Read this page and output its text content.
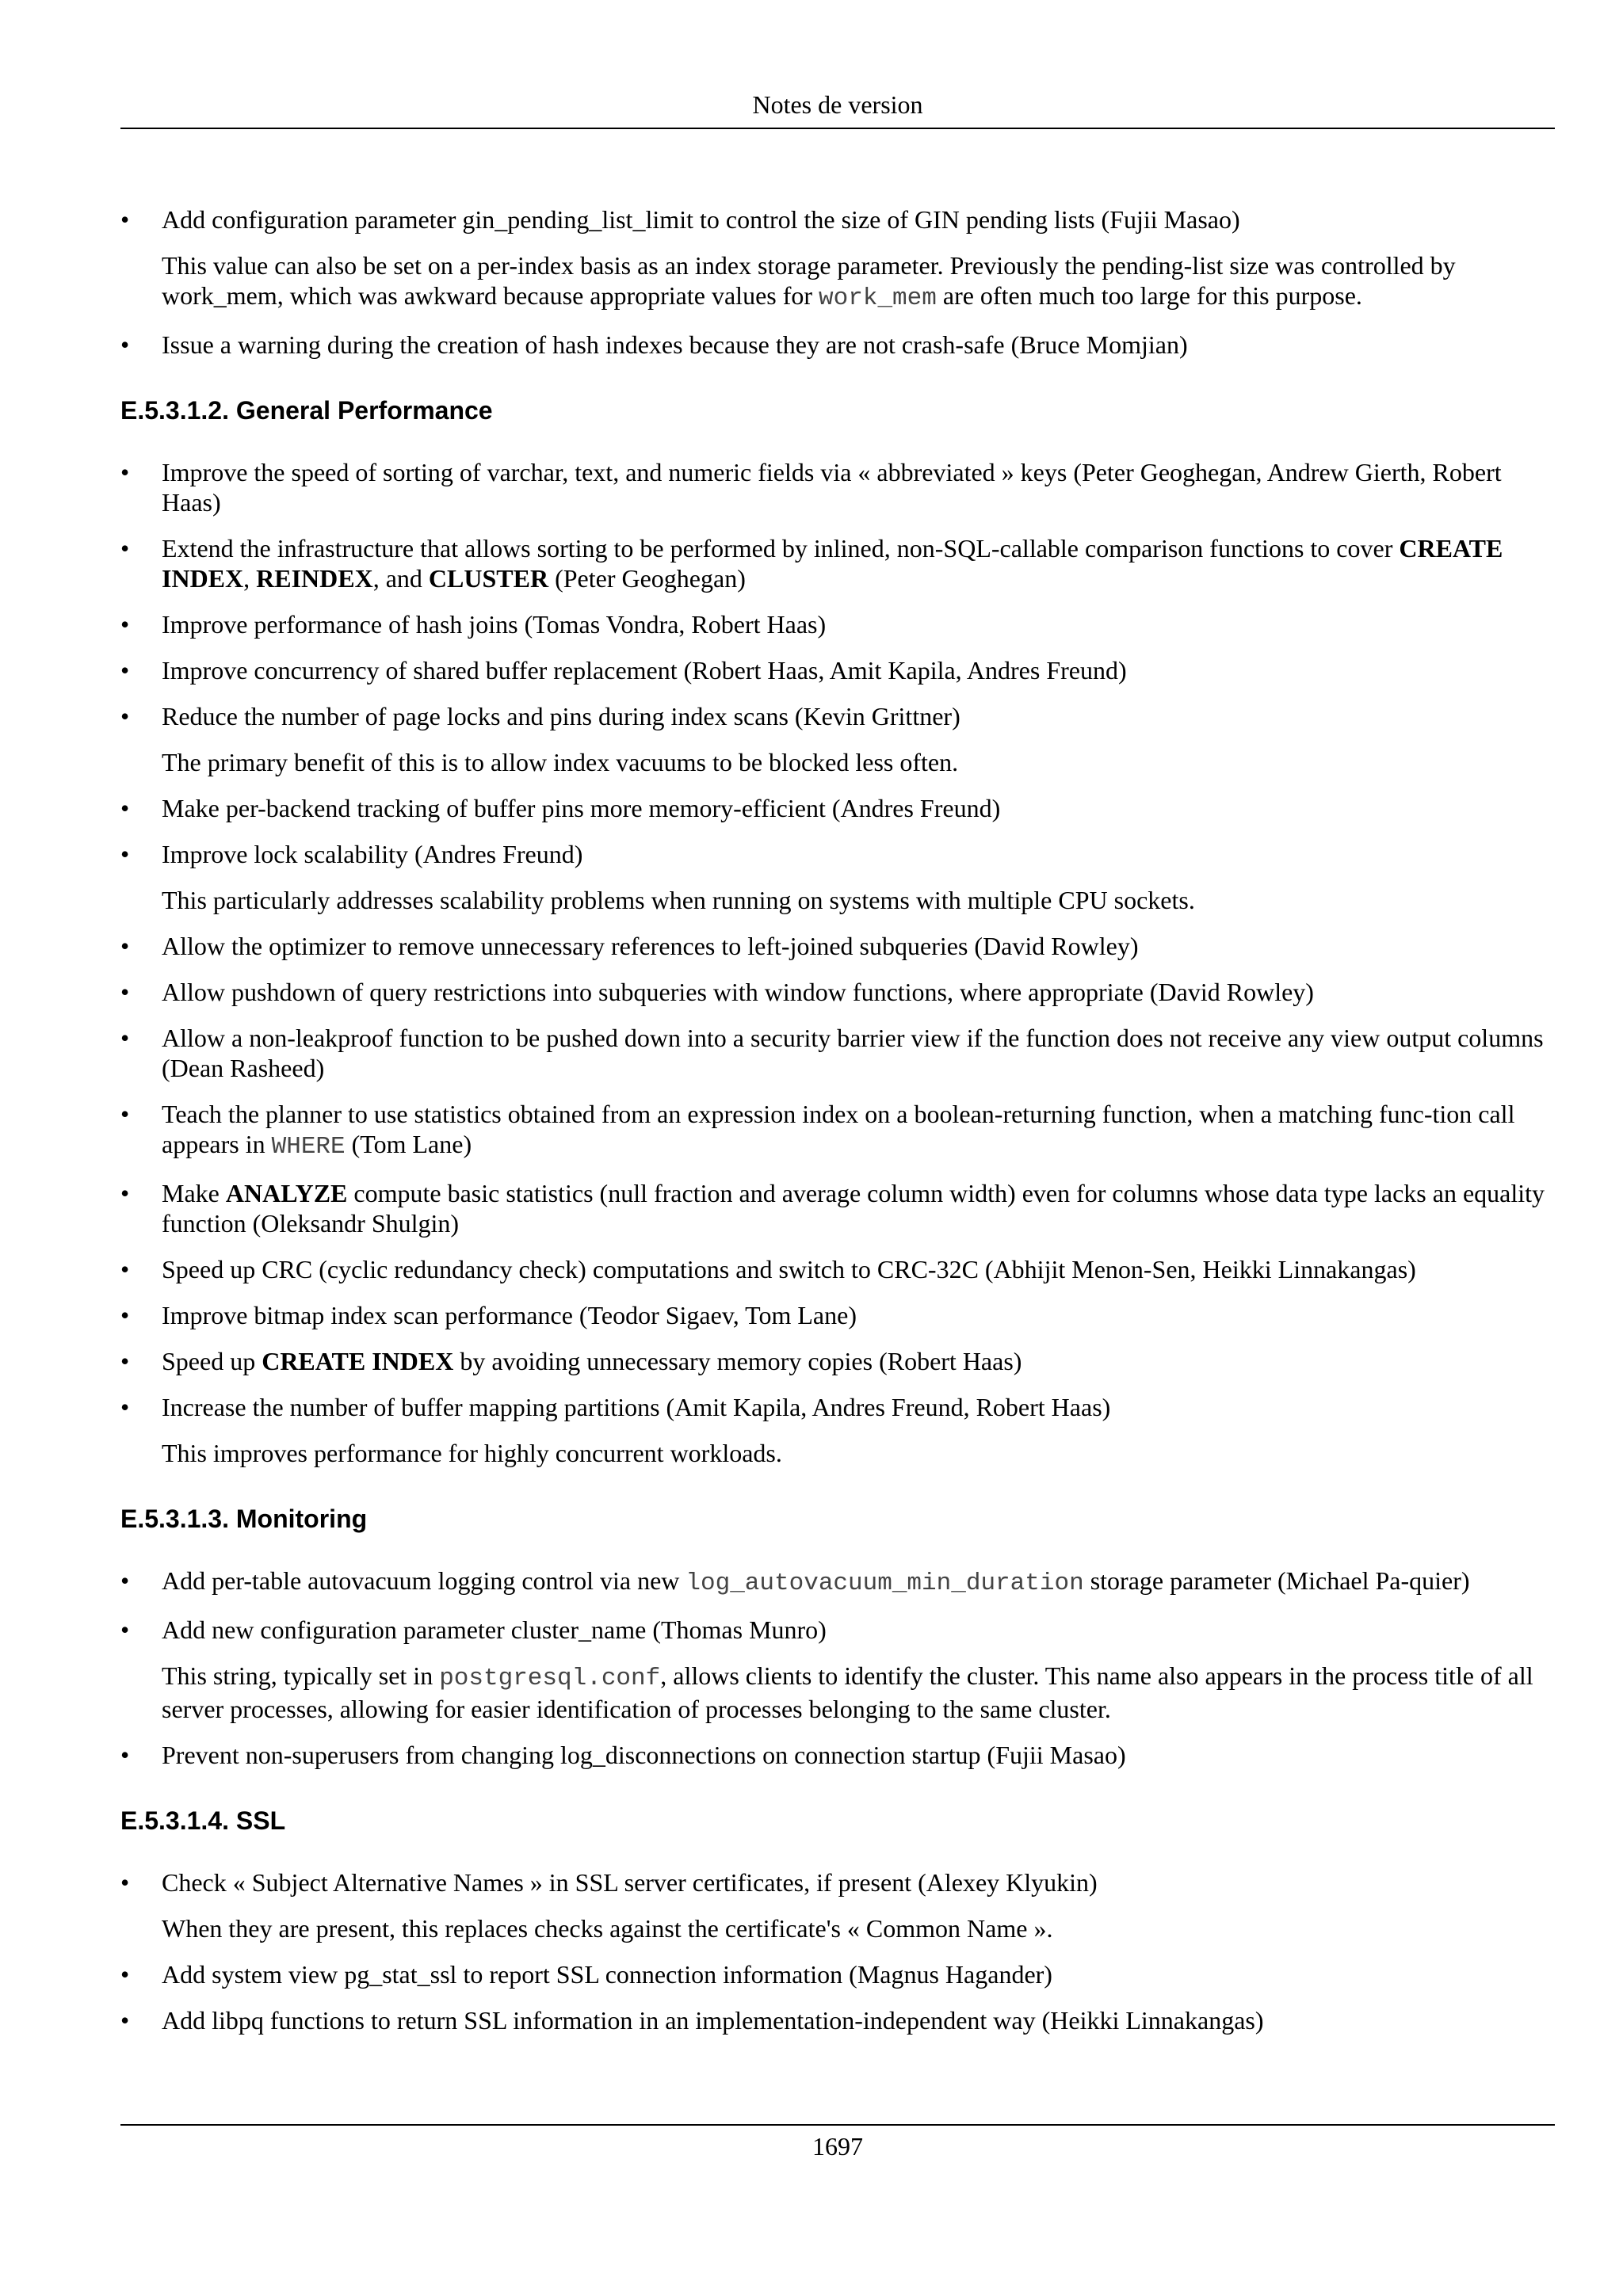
Notes de version
•	Add configuration parameter gin_pending_list_limit to control the size of GIN pending lists (Fujii Masao)

This value can also be set on a per-index basis as an index storage parameter. Previously the pending-list size was controlled by work_mem, which was awkward because appropriate values for work_mem are often much too large for this purpose.

•	Issue a warning during the creation of hash indexes because they are not crash-safe (Bruce Momjian)

E.5.3.1.2. General Performance
•	Improve the speed of sorting of varchar, text, and numeric fields via « abbreviated » keys (Peter Geoghegan, Andrew Gierth, Robert Haas)

•	Extend the infrastructure that allows sorting to be performed by inlined, non-SQL-callable comparison functions to cover CREATE INDEX, REINDEX, and CLUSTER (Peter Geoghegan)

•	Improve performance of hash joins (Tomas Vondra, Robert Haas)

•	Improve concurrency of shared buffer replacement (Robert Haas, Amit Kapila, Andres Freund)

•	Reduce the number of page locks and pins during index scans (Kevin Grittner)

The primary benefit of this is to allow index vacuums to be blocked less often.

•	Make per-backend tracking of buffer pins more memory-efficient (Andres Freund)

•	Improve lock scalability (Andres Freund)

This particularly addresses scalability problems when running on systems with multiple CPU sockets.

•	Allow the optimizer to remove unnecessary references to left-joined subqueries (David Rowley)

•	Allow pushdown of query restrictions into subqueries with window functions, where appropriate (David Rowley)

•	Allow a non-leakproof function to be pushed down into a security barrier view if the function does not receive any view output columns (Dean Rasheed)

•	Teach the planner to use statistics obtained from an expression index on a boolean-returning function, when a matching func-tion call appears in WHERE (Tom Lane)

•	Make ANALYZE compute basic statistics (null fraction and average column width) even for columns whose data type lacks an equality function (Oleksandr Shulgin)

•	Speed up CRC (cyclic redundancy check) computations and switch to CRC-32C (Abhijit Menon-Sen, Heikki Linnakangas)

•	Improve bitmap index scan performance (Teodor Sigaev, Tom Lane)

•	Speed up CREATE INDEX by avoiding unnecessary memory copies (Robert Haas)

•	Increase the number of buffer mapping partitions (Amit Kapila, Andres Freund, Robert Haas)

This improves performance for highly concurrent workloads.

E.5.3.1.3. Monitoring
•	Add per-table autovacuum logging control via new log_autovacuum_min_duration storage parameter (Michael Pa-quier)

•	Add new configuration parameter cluster_name (Thomas Munro)

This string, typically set in postgresql.conf, allows clients to identify the cluster. This name also appears in the process title of all server processes, allowing for easier identification of processes belonging to the same cluster.

•	Prevent non-superusers from changing log_disconnections on connection startup (Fujii Masao)

E.5.3.1.4. SSL
•	Check « Subject Alternative Names » in SSL server certificates, if present (Alexey Klyukin)

When they are present, this replaces checks against the certificate's « Common Name ».

•	Add system view pg_stat_ssl to report SSL connection information (Magnus Hagander)

•	Add libpq functions to return SSL information in an implementation-independent way (Heikki Linnakangas)

1697
